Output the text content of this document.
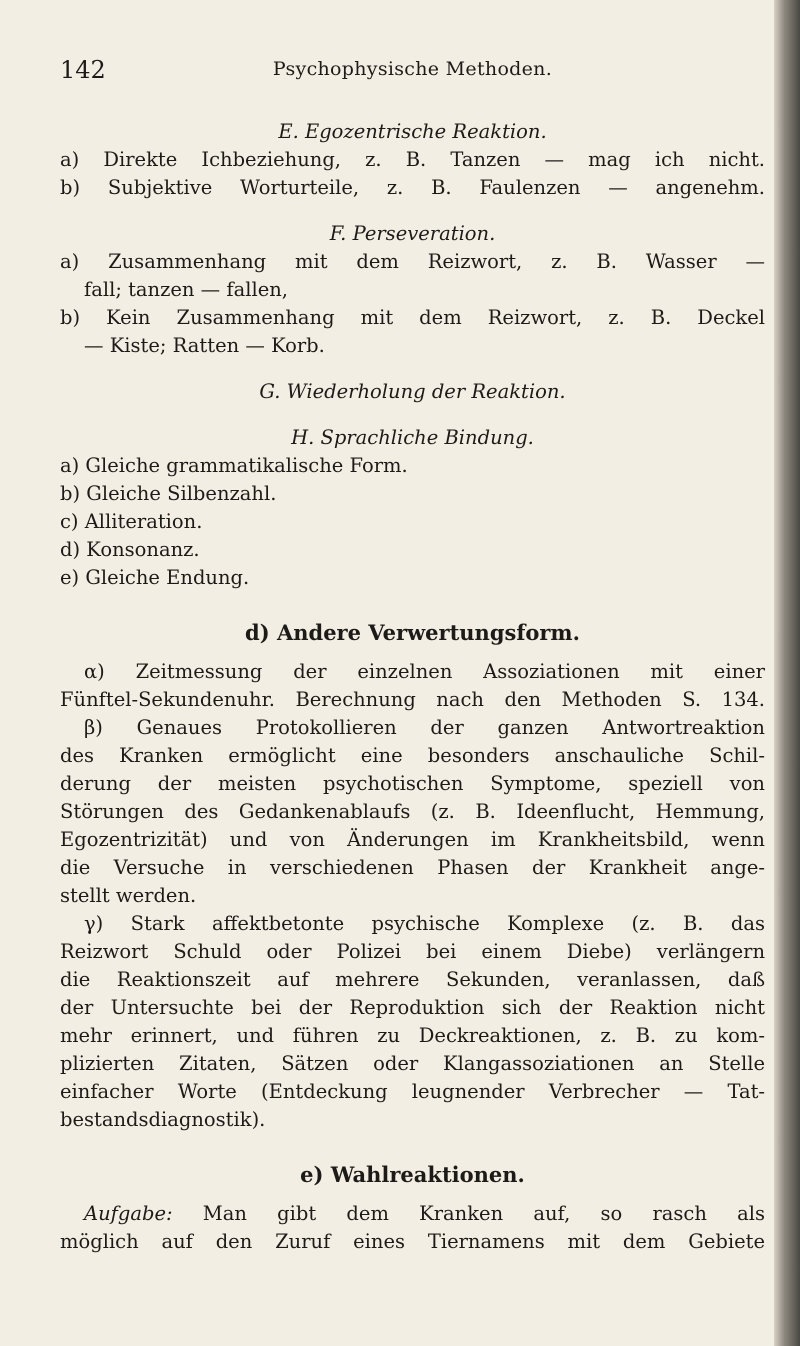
142	Psychophysische Methoden.
E. Egozentrische Reaktion.
a) Direkte Ichbeziehung, z. B. Tanzen — mag ich nicht.
b) Subjektive Worturteile, z. B. Faulenzen — angenehm.
F. Perseveration.
a) Zusammenhang mit dem Reizwort, z. B. Wasser —
fall; tanzen — fallen,
b) Kein Zusammenhang mit dem Reizwort, z. B. Deckel
— Kiste; Ratten — Korb.
G. Wiederholung der Reaktion.
H. Sprachliche Bindung.
a) Gleiche grammatikalische Form.
b) Gleiche Silbenzahl.
c) Alliteration.
d) Konsonanz.
e) Gleiche Endung.
d) Andere Verwertungsform.
α) Zeitmessung der einzelnen Assoziationen mit einer
Fünftel-Sekundenuhr. Berechnung nach den Methoden S. 134.
β) Genaues Protokollieren der ganzen Antwortreaktion
des Kranken ermöglicht eine besonders anschauliche Schil-
derung der meisten psychotischen Symptome, speziell von
Störungen des Gedankenablaufs (z. B. Ideenflucht, Hemmung,
Egozentrizität) und von Änderungen im Krankheitsbild, wenn
die Versuche in verschiedenen Phasen der Krankheit ange-
stellt werden.
γ) Stark affektbetonte psychische Komplexe (z. B. das
Reizwort Schuld oder Polizei bei einem Diebe) verlängern
die Reaktionszeit auf mehrere Sekunden, veranlassen, daß
der Untersuchte bei der Reproduktion sich der Reaktion nicht
mehr erinnert, und führen zu Deckreaktionen, z. B. zu kom-
plizierten Zitaten, Sätzen oder Klangassoziationen an Stelle
einfacher Worte (Entdeckung leugnender Verbrecher — Tat-
bestandsdiagnostik).
e) Wahlreaktionen.
Aufgabe: Man gibt dem Kranken auf, so rasch als
möglich auf den Zuruf eines Tiernamens mit dem Gebiete
